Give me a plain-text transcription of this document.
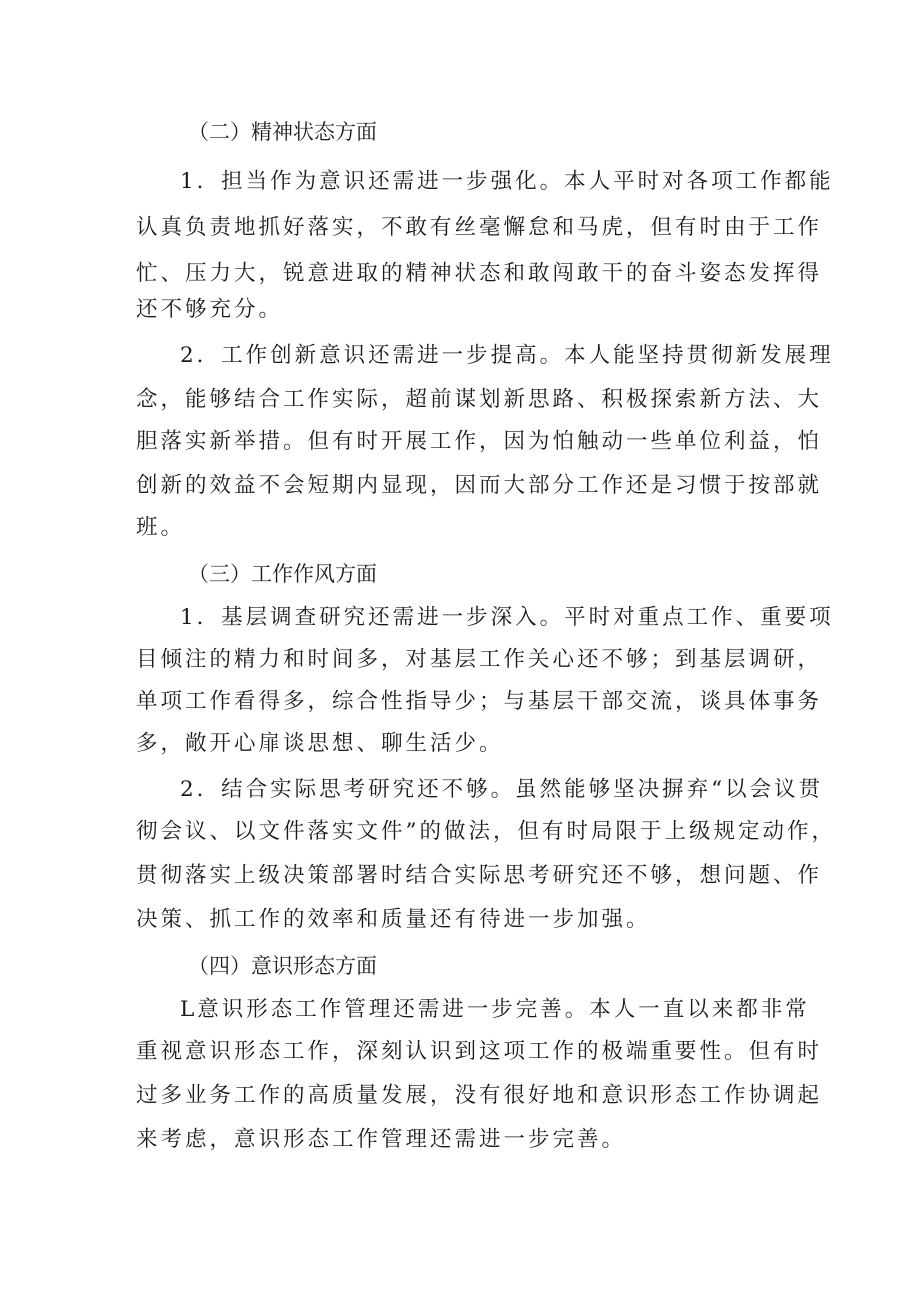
（二）精神状态方面
1．担当作为意识还需进一步强化。本人平时对各项工作都能
认真负责地抓好落实，不敢有丝毫懈怠和马虎，但有时由于工作
忙、压力大，锐意进取的精神状态和敢闯敢干的奋斗姿态发挥得
还不够充分。
2．工作创新意识还需进一步提高。本人能坚持贯彻新发展理
念，能够结合工作实际，超前谋划新思路、积极探索新方法、大
胆落实新举措。但有时开展工作，因为怕触动一些单位利益，怕
创新的效益不会短期内显现，因而大部分工作还是习惯于按部就
班。
（三）工作作风方面
1．基层调查研究还需进一步深入。平时对重点工作、重要项
目倾注的精力和时间多，对基层工作关心还不够；到基层调研，
单项工作看得多，综合性指导少；与基层干部交流，谈具体事务
多，敞开心扉谈思想、聊生活少。
2．结合实际思考研究还不够。虽然能够坚决摒弃“以会议贯
彻会议、以文件落实文件”的做法，但有时局限于上级规定动作，
贯彻落实上级决策部署时结合实际思考研究还不够，想问题、作
决策、抓工作的效率和质量还有待进一步加强。
（四）意识形态方面
L意识形态工作管理还需进一步完善。本人一直以来都非常
重视意识形态工作，深刻认识到这项工作的极端重要性。但有时
过多业务工作的高质量发展，没有很好地和意识形态工作协调起
来考虑，意识形态工作管理还需进一步完善。
